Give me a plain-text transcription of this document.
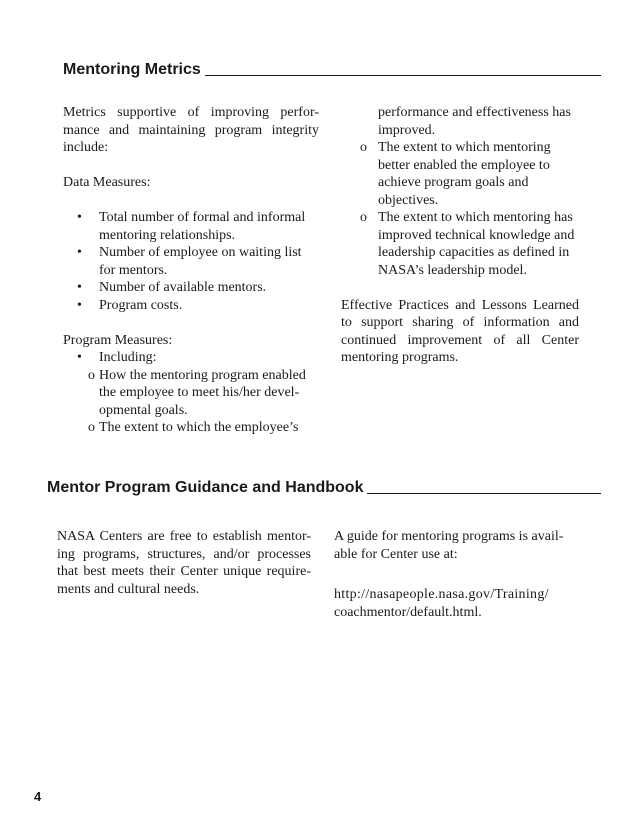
Mentoring Metrics

Metrics supportive of improving perfor-mance and maintaining program integrity include:

Data Measures:

• Total number of formal and informal mentoring relationships.
• Number of employee on waiting list for mentors.
• Number of available mentors.
• Program costs.

Program Measures:

• Including:
o How the mentoring program enabled the employee to meet his/her devel-opmental goals.
o The extent to which the employee’s

performance and effectiveness has improved.

o The extent to which mentoring better enabled the employee to achieve program goals and objectives.
o The extent to which mentoring has improved technical knowledge and leadership capacities as defined in NASA’s leadership model.

Effective Practices and Lessons Learned to support sharing of information and continued improvement of all Center mentoring programs.

Mentor Program Guidance and Handbook

NASA Centers are free to establish mentor-ing programs, structures, and/or processes that best meets their Center unique require-ments and cultural needs.

A guide for mentoring programs is avail-able for Center use at:

http://nasapeople.nasa.gov/Training/

coachmentor/default.html.

4
